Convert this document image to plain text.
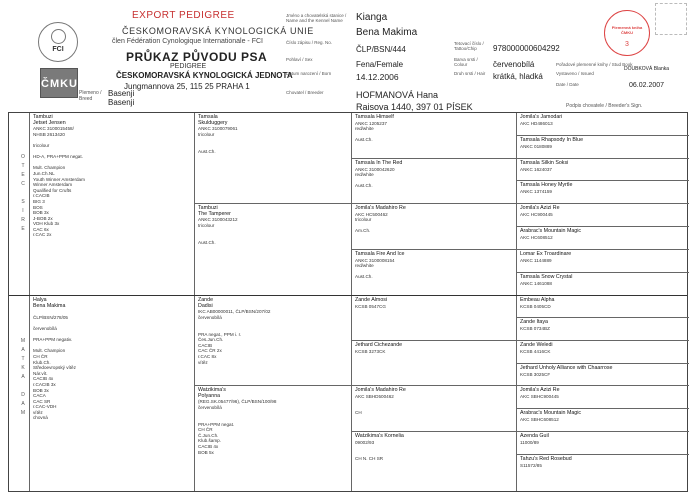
FCI
ČMKU
EXPORT PEDIGREE
ČESKOMORAVSKÁ KYNOLOGICKÁ UNIE
člen Fédération Cynologique Internationale - FCI
PRŮKAZ PŮVODU PSA
PEDIGREE
ČESKOMORAVSKÁ KYNOLOGICKÁ JEDNOTA
Jungmannova 25, 115 25 PRAHA 1
Plemeno / Breed
Basenji
Basenji
Jméno a chovatelská stanice / Name and the Kennel Name
Číslo zápisu / Reg. No.
Pohlaví / Sex
Datum narození / Born
Chovatel / Breeder
Kianga
Bena Makima
ČLP/BSN/444
Fena/Female
14.12.2006
HOFMANOVÁ Hana
Raisova 1440, 397 01 PÍSEK
Tetovací číslo / Tattoo/Chip
Barva srsti / Colour
Druh srsti / Hair
978000000604292
červenobílá
krátká, hladká
Pořadové plemenné knihy / Stud Book
Vystaveno / Issued
DOUBKOVÁ Blanka
Date / Date	06.02.2007
Podpis chovatele / Breeder's Sign.
Plemenná kniha ČMKU
3
O
T
E
C

S
I
R
E
M
A
T
K
A

D
A
M
Tambuzi
Jetset Jensen
ANKC 3100015458/
NHSB 2613420

tricolour

HD-A, PRA+PPM negat.

Mult. Champion
Jun.Ch.NL
Youth Winner Amsterdam
Winner Amsterdam
Qualified for Crufts
r.CACIB
BIG 3
BOS
BOB 3x
J-BOB 2x
VDH Klub 3x
CAC 6x
r.CAC 2x
Halya
Bena Makima

ČLP/BSN/278/05

červenobílá

PRA+PPM negativ.

Mult. Champion
CH ČR
Klub.Ch.
Středoevropský vítěz
Nár.vít.
CACIB 4x
r.CACIB 3x
BOB 3x
CACA
CAC SR
r.CAC-VDH
vítěz
chovná
Tamsala
Skulduggery
ANKC 3100079061
tricolour

Aust.Ch.
Tambuzi
The Tamperer
ANKC 3100043212
tricolour

Aust.Ch.
Zande
Dadisi
IKC AB00000011, ČLP/BSN/207/02
červenobílá

PRA negat., PPM i. r.
Čes.Jun.Ch.
CACIB
CAC ČR 2x
r.CAC 8x
vítěz
Watzikima's
Polyanna
(REG.SK.05477/96), ČLP/BSN/100/98
červenobílá

PRA+PPM negat.
CH ČR
Č.Jun.Ch.
Klub.šamp.
CACIB 4x
BOB 5x
Tamsala Himself
ANKC 1205237
red/white

Aust.Ch.
Tamsala In The Red
ANKC 3100042620
red/white

Aust.Ch.
Jomila's Madahiro Re
AKC HC500462
tricolour

Am.Ch.
Tamsala Fire And Ice
ANKC 3100008154
red/white

Aust.Ch.
Zande Almosi
KCSB 0547CG

Jethard Cichezande
KCSB 3273CK

Jomila's Madahiro Re
AKC SBHD500462

CH
Watzikima's Kornelia
09002/93

CH N. CH SR
Jomila's Jamodari
AKC HD486013
Tamsala Rhapsody In Blue
ANKC 0180889
Tamsala Silkin Soksi
ANKC 1624037
Tamsala Honey Myrtle
ANKC 1374159
Jomila's Azizi Re
AKC HC900445
Arabrac's Mountain Magic
AKC HC608512
Lomar Ex Troardinare
ANKC 1144889
Tamsala Snow Crystal
ANKC 1461088
Embeau Alpha
KCSB 0405CD
Zande Itaya
KCSB 0734BZ
Zande Weledi
KCSB 4416CK
Jethard Unholy Alliance with Chaarrose
KCSB 3025CF
Jomila's Azizi Re
AKC SBHC900445
Arabrac's Mountain Magic
AKC SBHC608512
Azenda Guil
11000/89
Tahzu's Red Rosebud
S11572/85
